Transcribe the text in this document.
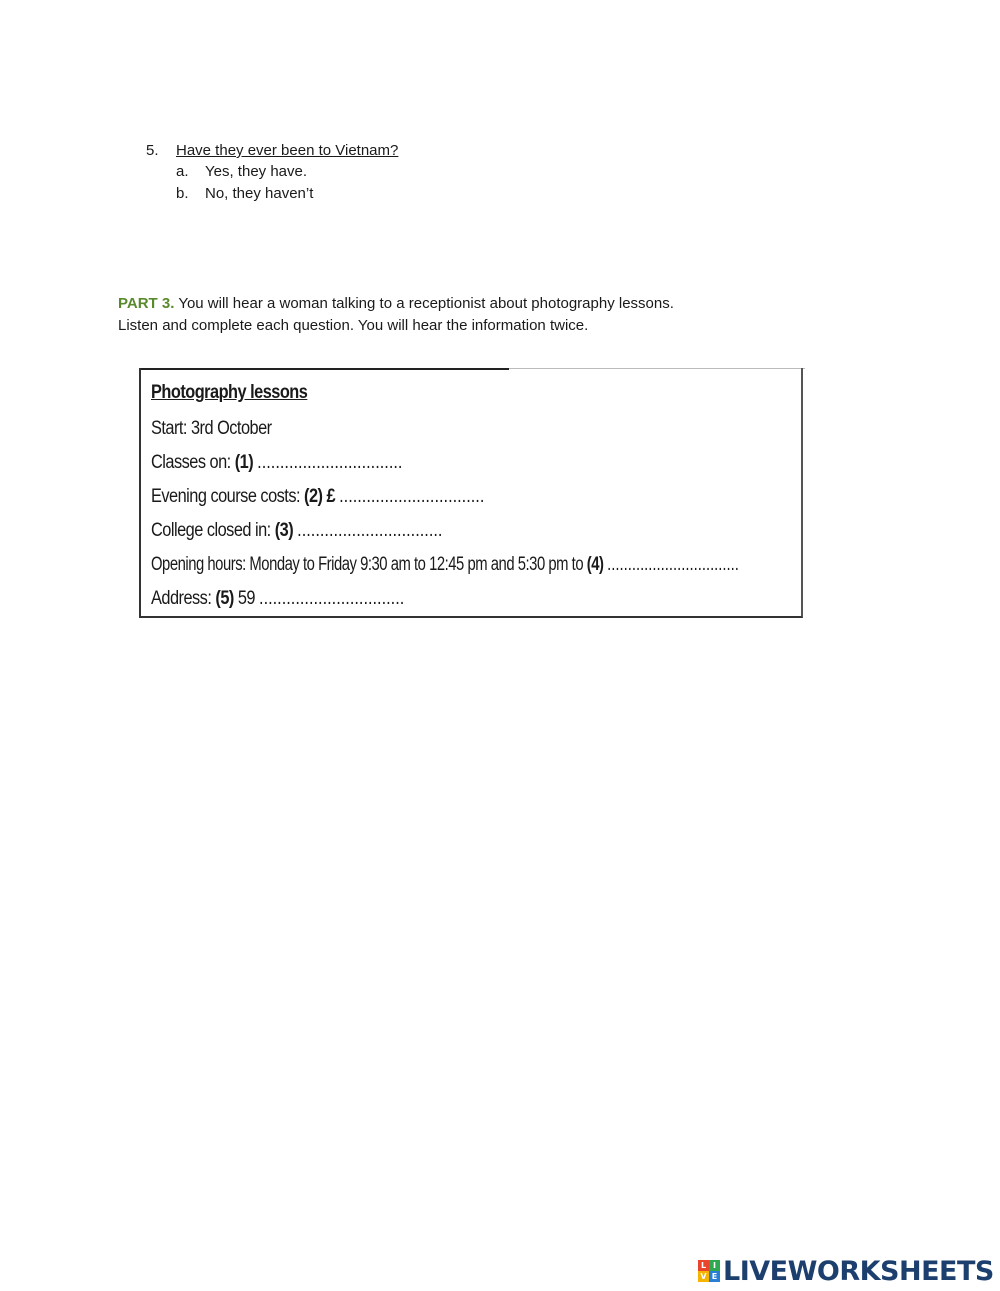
5. Have they ever been to Vietnam?
a. Yes, they have.
b. No, they haven’t
PART 3. You will hear a woman talking to a receptionist about photography lessons.
Listen and complete each question. You will hear the information twice.
Photography lessons
Start: 3rd October
Classes on: (1) ................................
Evening course costs: (2) £ ................................
College closed in: (3) ................................
Opening hours: Monday to Friday 9:30 am to 12:45 pm and 5:30 pm to (4) ................................
Address: (5) 59 ................................
L I
V E LIVEWORKSHEETS
